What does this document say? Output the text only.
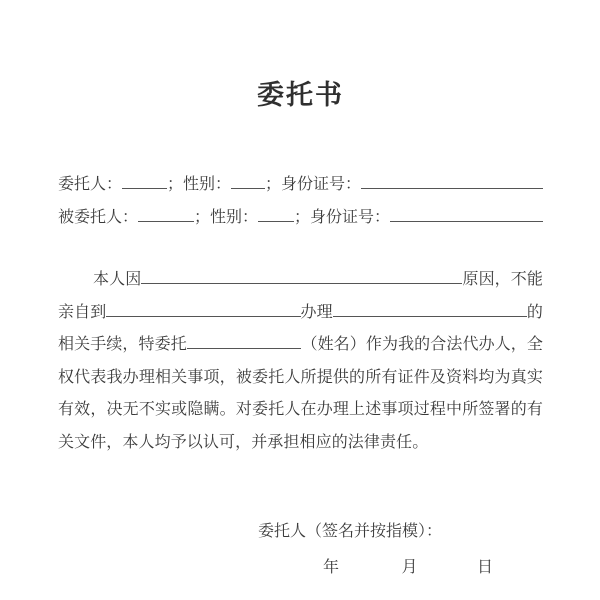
委托书
委托人：	；性别： ；身份证号：
被委托人：	；性别： ；身份证号：
本人因	原因，不能
亲自到	办理	的
相关手续，特委托	（姓名）作为我的合法代办人，全
权代表我办理相关事项，被委托人所提供的所有证件及资料均为真实
有效，决无不实或隐瞒。对委托人在办理上述事项过程中所签署的有
关文件，本人均予以认可，并承担相应的法律责任。
委托人（签名并按指模）：
年	月	日
